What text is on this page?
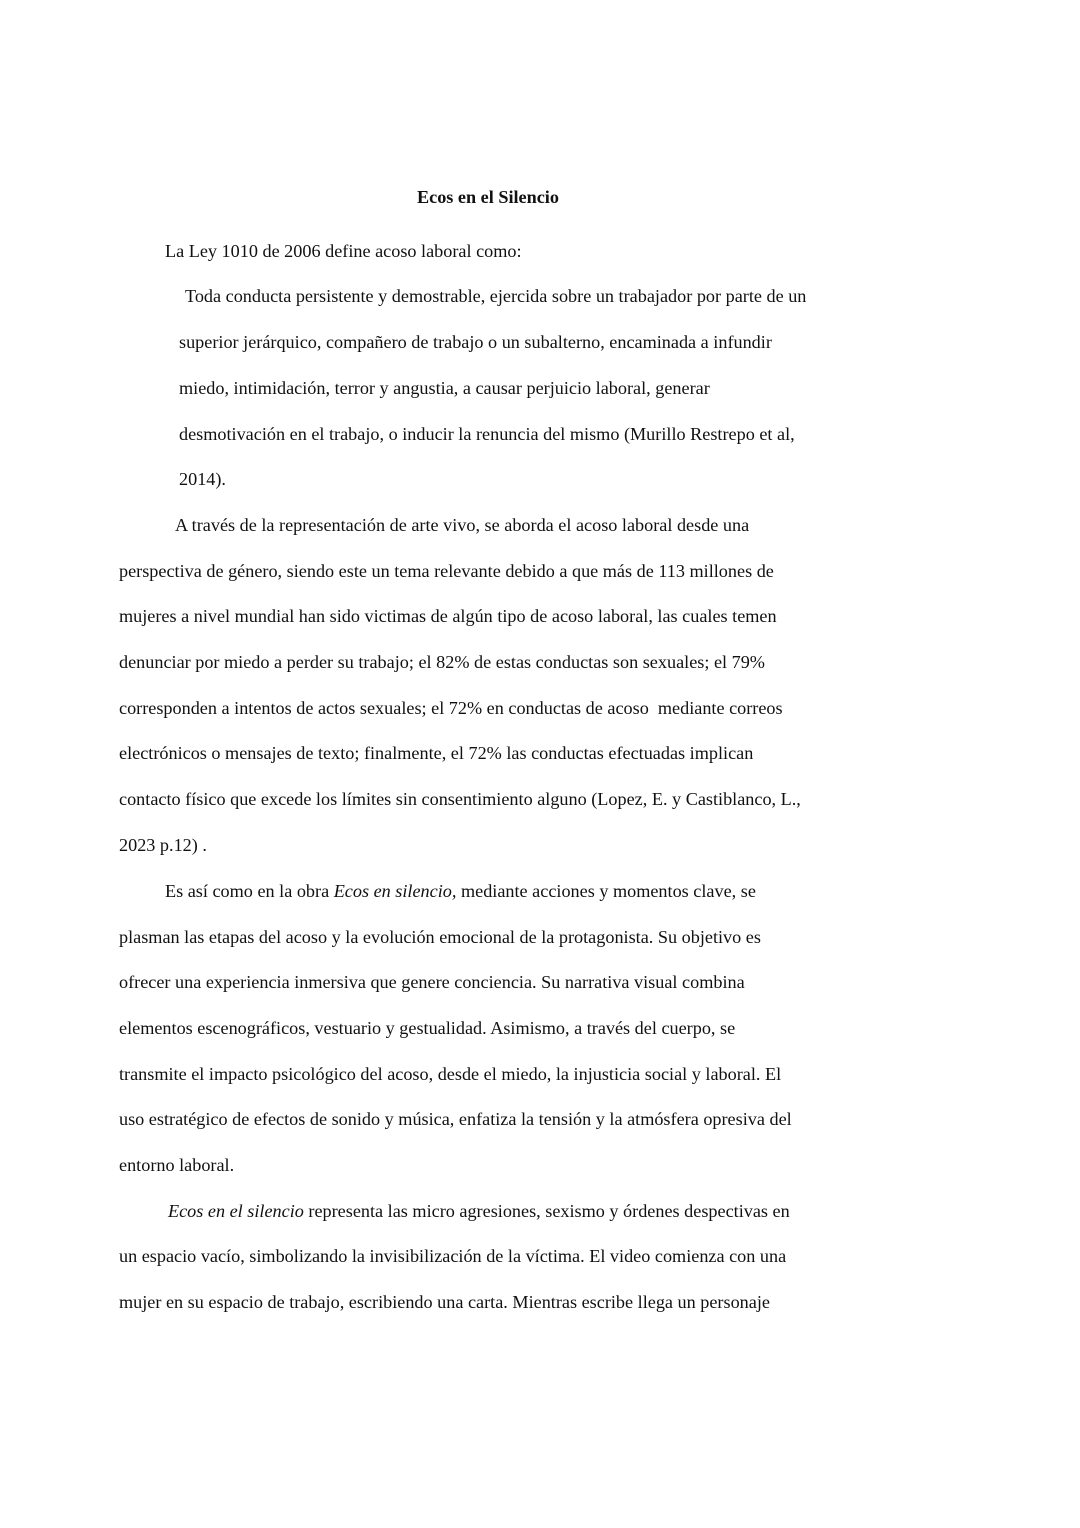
Ecos en el Silencio
La Ley 1010 de 2006 define acoso laboral como:
Toda conducta persistente y demostrable, ejercida sobre un trabajador por parte de un
superior jerárquico, compañero de trabajo o un subalterno, encaminada a infundir
miedo, intimidación, terror y angustia, a causar perjuicio laboral, generar
desmotivación en el trabajo, o inducir la renuncia del mismo (Murillo Restrepo et al,
2014).
A través de la representación de arte vivo, se aborda el acoso laboral desde una
perspectiva de género, siendo este un tema relevante debido a que más de 113 millones de
mujeres a nivel mundial han sido victimas de algún tipo de acoso laboral, las cuales temen
denunciar por miedo a perder su trabajo; el 82% de estas conductas son sexuales; el 79%
corresponden a intentos de actos sexuales; el 72% en conductas de acoso  mediante correos
electrónicos o mensajes de texto; finalmente, el 72% las conductas efectuadas implican
contacto físico que excede los límites sin consentimiento alguno (Lopez, E. y Castiblanco, L.,
2023 p.12) .
Es así como en la obra Ecos en silencio, mediante acciones y momentos clave, se
plasman las etapas del acoso y la evolución emocional de la protagonista. Su objetivo es
ofrecer una experiencia inmersiva que genere conciencia. Su narrativa visual combina
elementos escenográficos, vestuario y gestualidad. Asimismo, a través del cuerpo, se
transmite el impacto psicológico del acoso, desde el miedo, la injusticia social y laboral. El
uso estratégico de efectos de sonido y música, enfatiza la tensión y la atmósfera opresiva del
entorno laboral.
Ecos en el silencio representa las micro agresiones, sexismo y órdenes despectivas en
un espacio vacío, simbolizando la invisibilización de la víctima. El video comienza con una
mujer en su espacio de trabajo, escribiendo una carta. Mientras escribe llega un personaje
